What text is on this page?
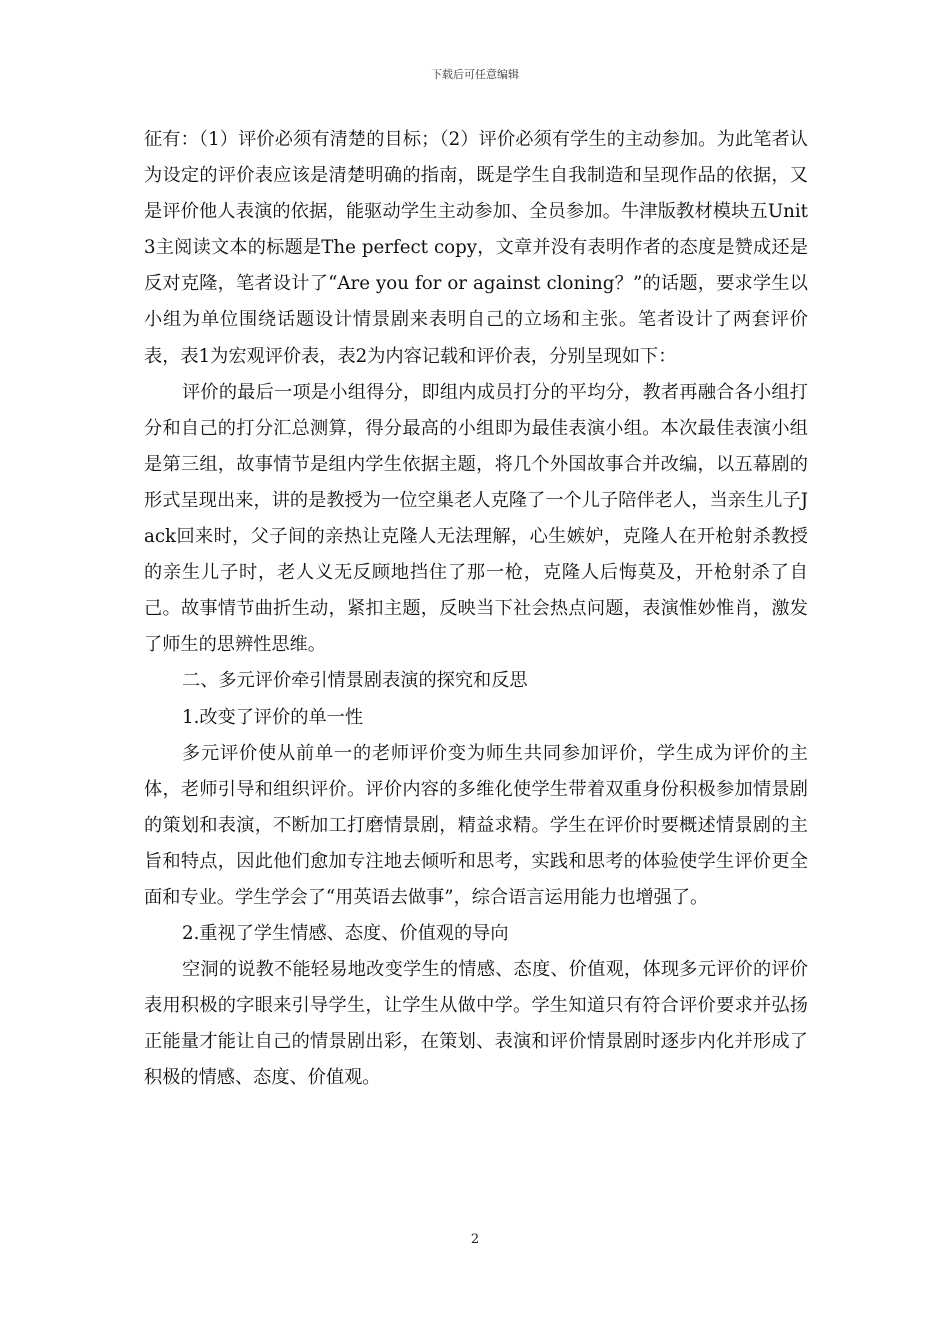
下载后可任意编辑

征有：（1）评价必须有清楚的目标；（2）评价必须有学生的主动参加。为此笔者认为设定的评价表应该是清楚明确的指南，既是学生自我制造和呈现作品的依据，又是评价他人表演的依据，能驱动学生主动参加、全员参加。牛津版教材模块五Unit 3主阅读文本的标题是The perfect copy，文章并没有表明作者的态度是赞成还是反对克隆，笔者设计了“Are you for or against cloning？”的话题，要求学生以小组为单位围绕话题设计情景剧来表明自己的立场和主张。笔者设计了两套评价表，表1为宏观评价表，表2为内容记载和评价表，分别呈现如下：

评价的最后一项是小组得分，即组内成员打分的平均分，教者再融合各小组打分和自己的打分汇总测算，得分最高的小组即为最佳表演小组。本次最佳表演小组是第三组，故事情节是组内学生依据主题，将几个外国故事合并改编，以五幕剧的形式呈现出来，讲的是教授为一位空巢老人克隆了一个儿子陪伴老人，当亲生儿子Jack回来时，父子间的亲热让克隆人无法理解，心生嫉妒，克隆人在开枪射杀教授的亲生儿子时，老人义无反顾地挡住了那一枪，克隆人后悔莫及，开枪射杀了自己。故事情节曲折生动，紧扣主题，反映当下社会热点问题，表演惟妙惟肖，激发了师生的思辨性思维。

二、多元评价牵引情景剧表演的探究和反思

1.改变了评价的单一性

多元评价使从前单一的老师评价变为师生共同参加评价，学生成为评价的主体，老师引导和组织评价。评价内容的多维化使学生带着双重身份积极参加情景剧的策划和表演，不断加工打磨情景剧，精益求精。学生在评价时要概述情景剧的主旨和特点，因此他们愈加专注地去倾听和思考，实践和思考的体验使学生评价更全面和专业。学生学会了“用英语去做事”，综合语言运用能力也增强了。

2.重视了学生情感、态度、价值观的导向

空洞的说教不能轻易地改变学生的情感、态度、价值观，体现多元评价的评价表用积极的字眼来引导学生，让学生从做中学。学生知道只有符合评价要求并弘扬正能量才能让自己的情景剧出彩，在策划、表演和评价情景剧时逐步内化并形成了积极的情感、态度、价值观。

2
